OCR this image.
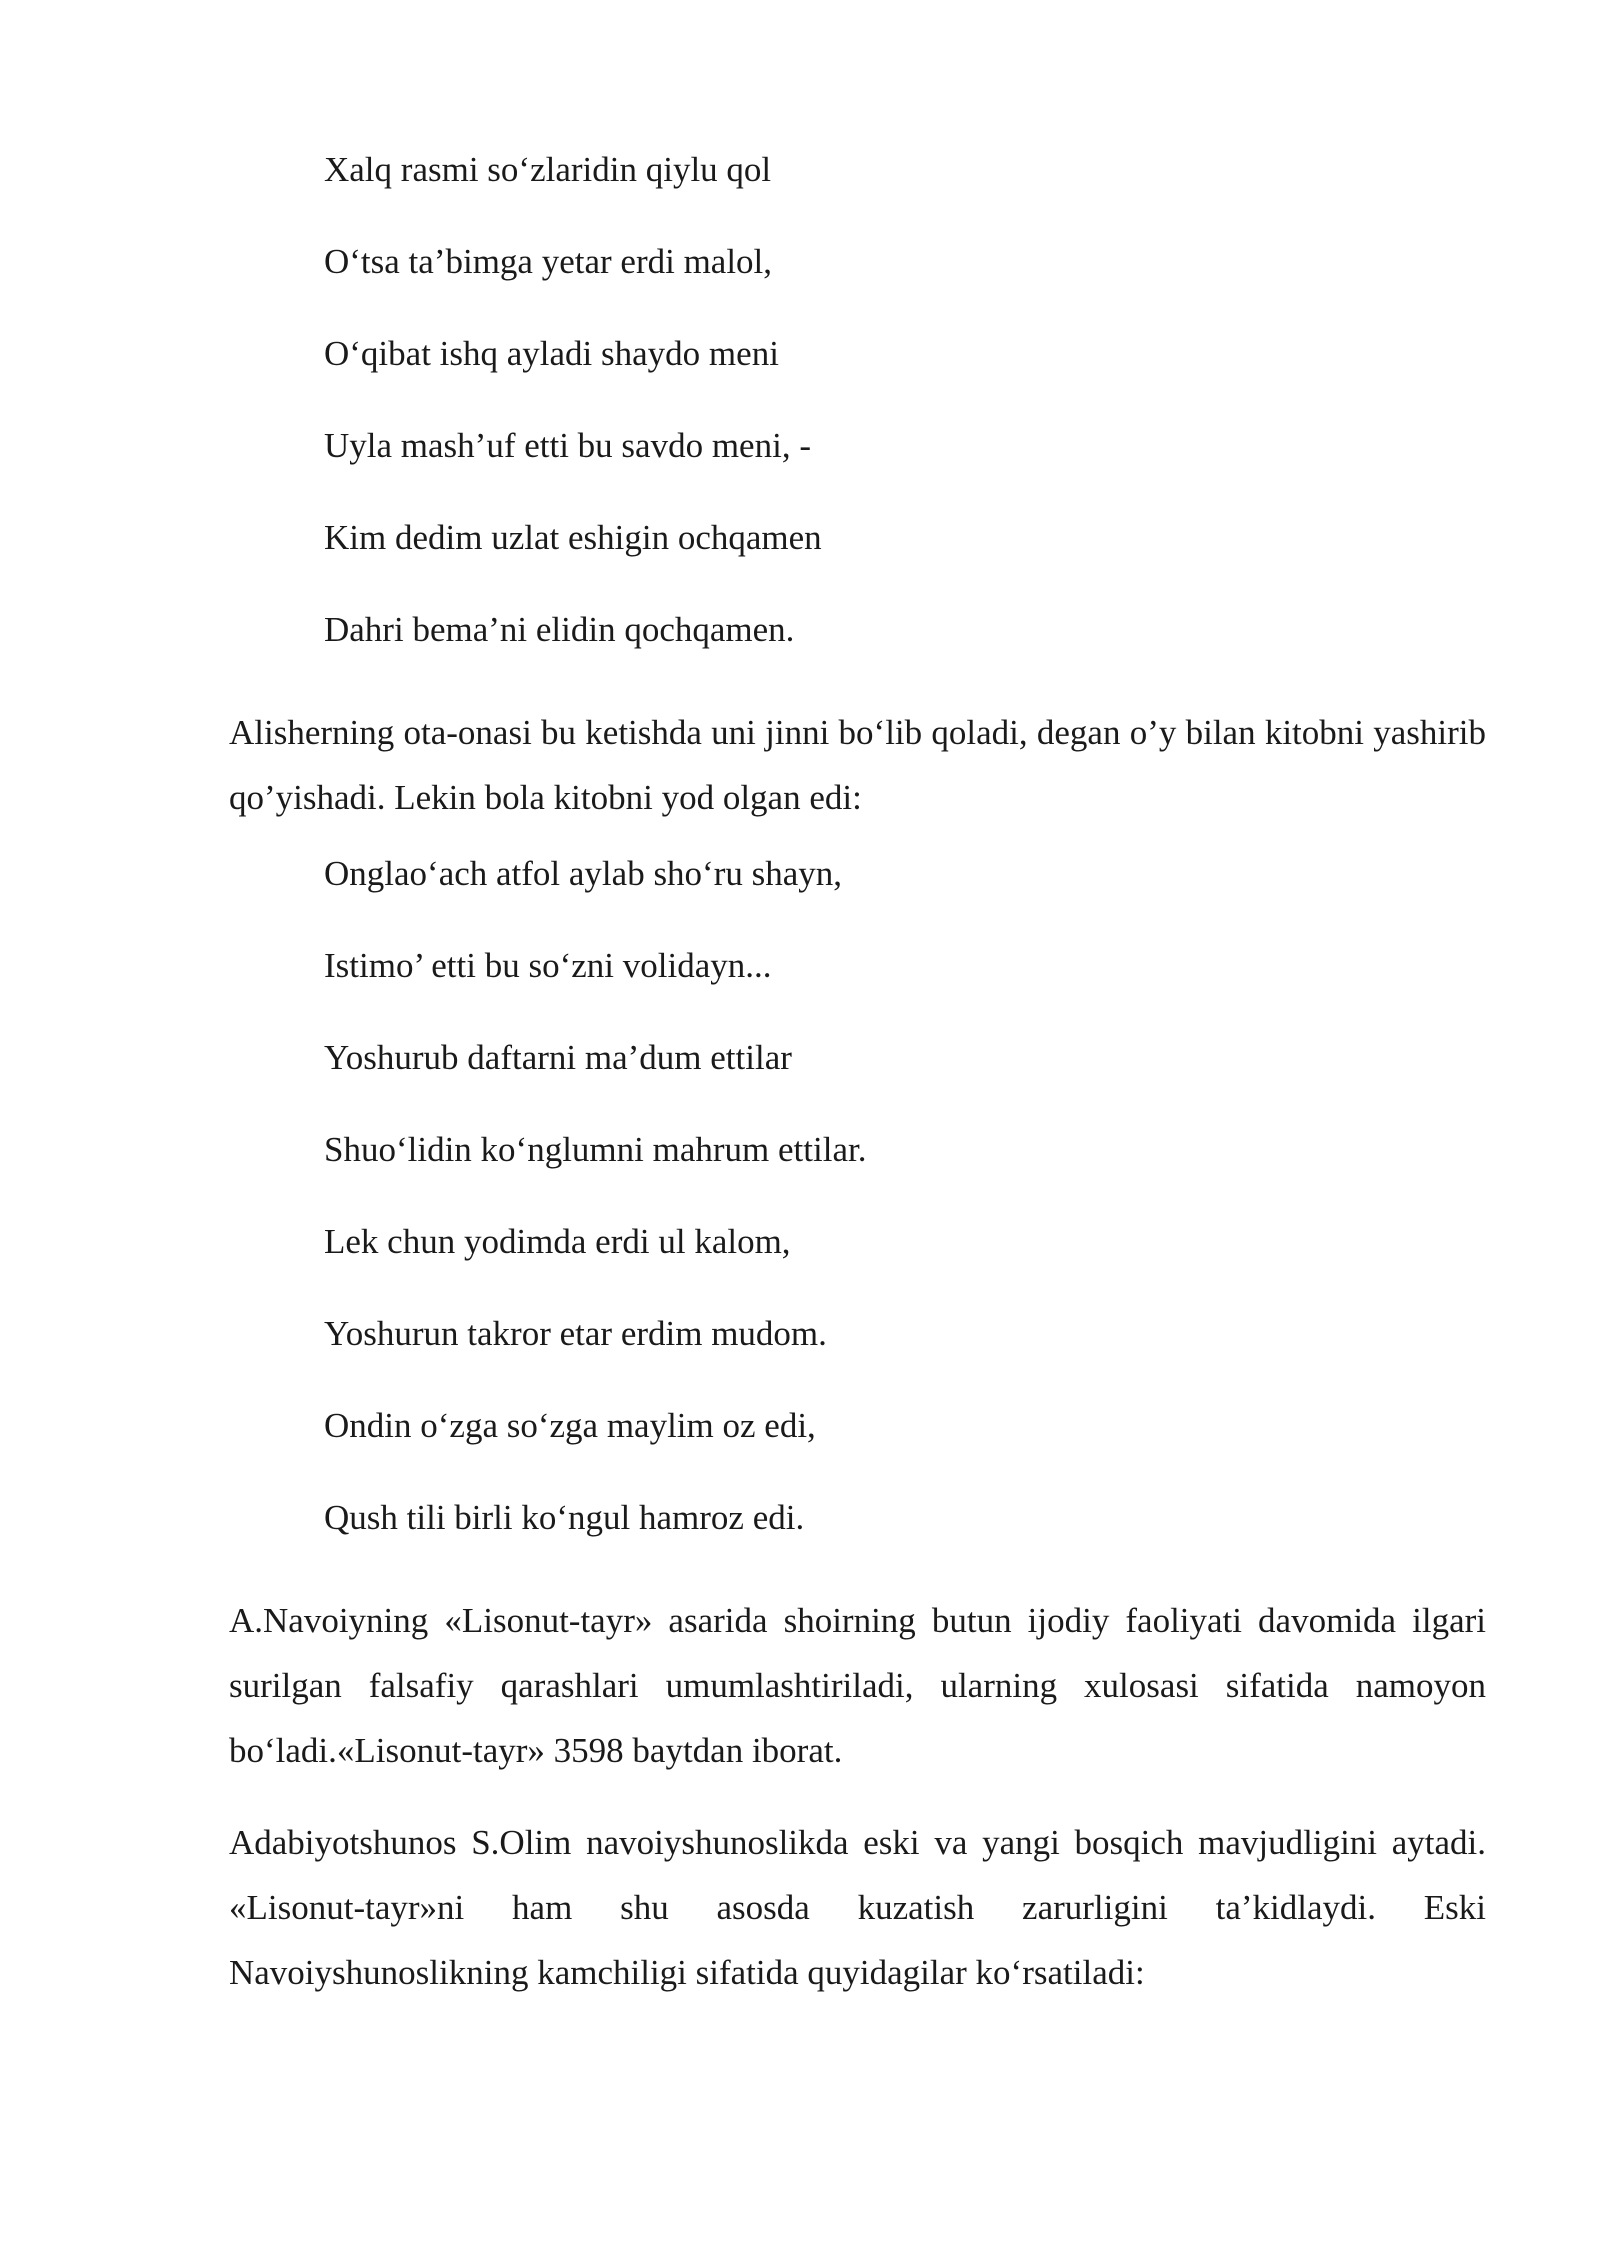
Xalq rasmi so‘zlaridin qiylu qol
O‘tsa ta’bimga yetar erdi malol,
O‘qibat ishq ayladi shaydo meni
Uyla mash’uf etti bu savdo meni, -
Kim dedim uzlat eshigin ochqamen
Dahri bema’ni elidin qochqamen.

Alisherning ota-onasi bu ketishda uni jinni bo‘lib qoladi, degan o’y bilan kitobni yashirib qo’yishadi. Lekin bola kitobni yod olgan edi:

Onglao‘ach atfol aylab sho‘ru shayn,
Istimo’ etti bu so‘zni volidayn...
Yoshurub daftarni ma’dum ettilar
Shuo‘lidin ko‘nglumni mahrum ettilar.
Lek chun yodimda erdi ul kalom,
Yoshurun takror etar erdim mudom.
Ondin o‘zga so‘zga maylim oz edi,
Qush tili birli ko‘ngul hamroz edi.

A.Navoiyning «Lisonut-tayr» asarida shoirning butun ijodiy faoliyati davomida ilgari surilgan falsafiy qarashlari umumlashtiriladi, ularning xulosasi sifatida namoyon bo‘ladi.«Lisonut-tayr» 3598 baytdan iborat.

Adabiyotshunos S.Olim navoiyshunoslikda eski va yangi bosqich mavjudligini aytadi. «Lisonut-tayr»ni ham shu asosda kuzatish zarurligini ta’kidlaydi. Eski Navoiyshunoslikning kamchiligi sifatida quyidagilar ko‘rsatiladi:
